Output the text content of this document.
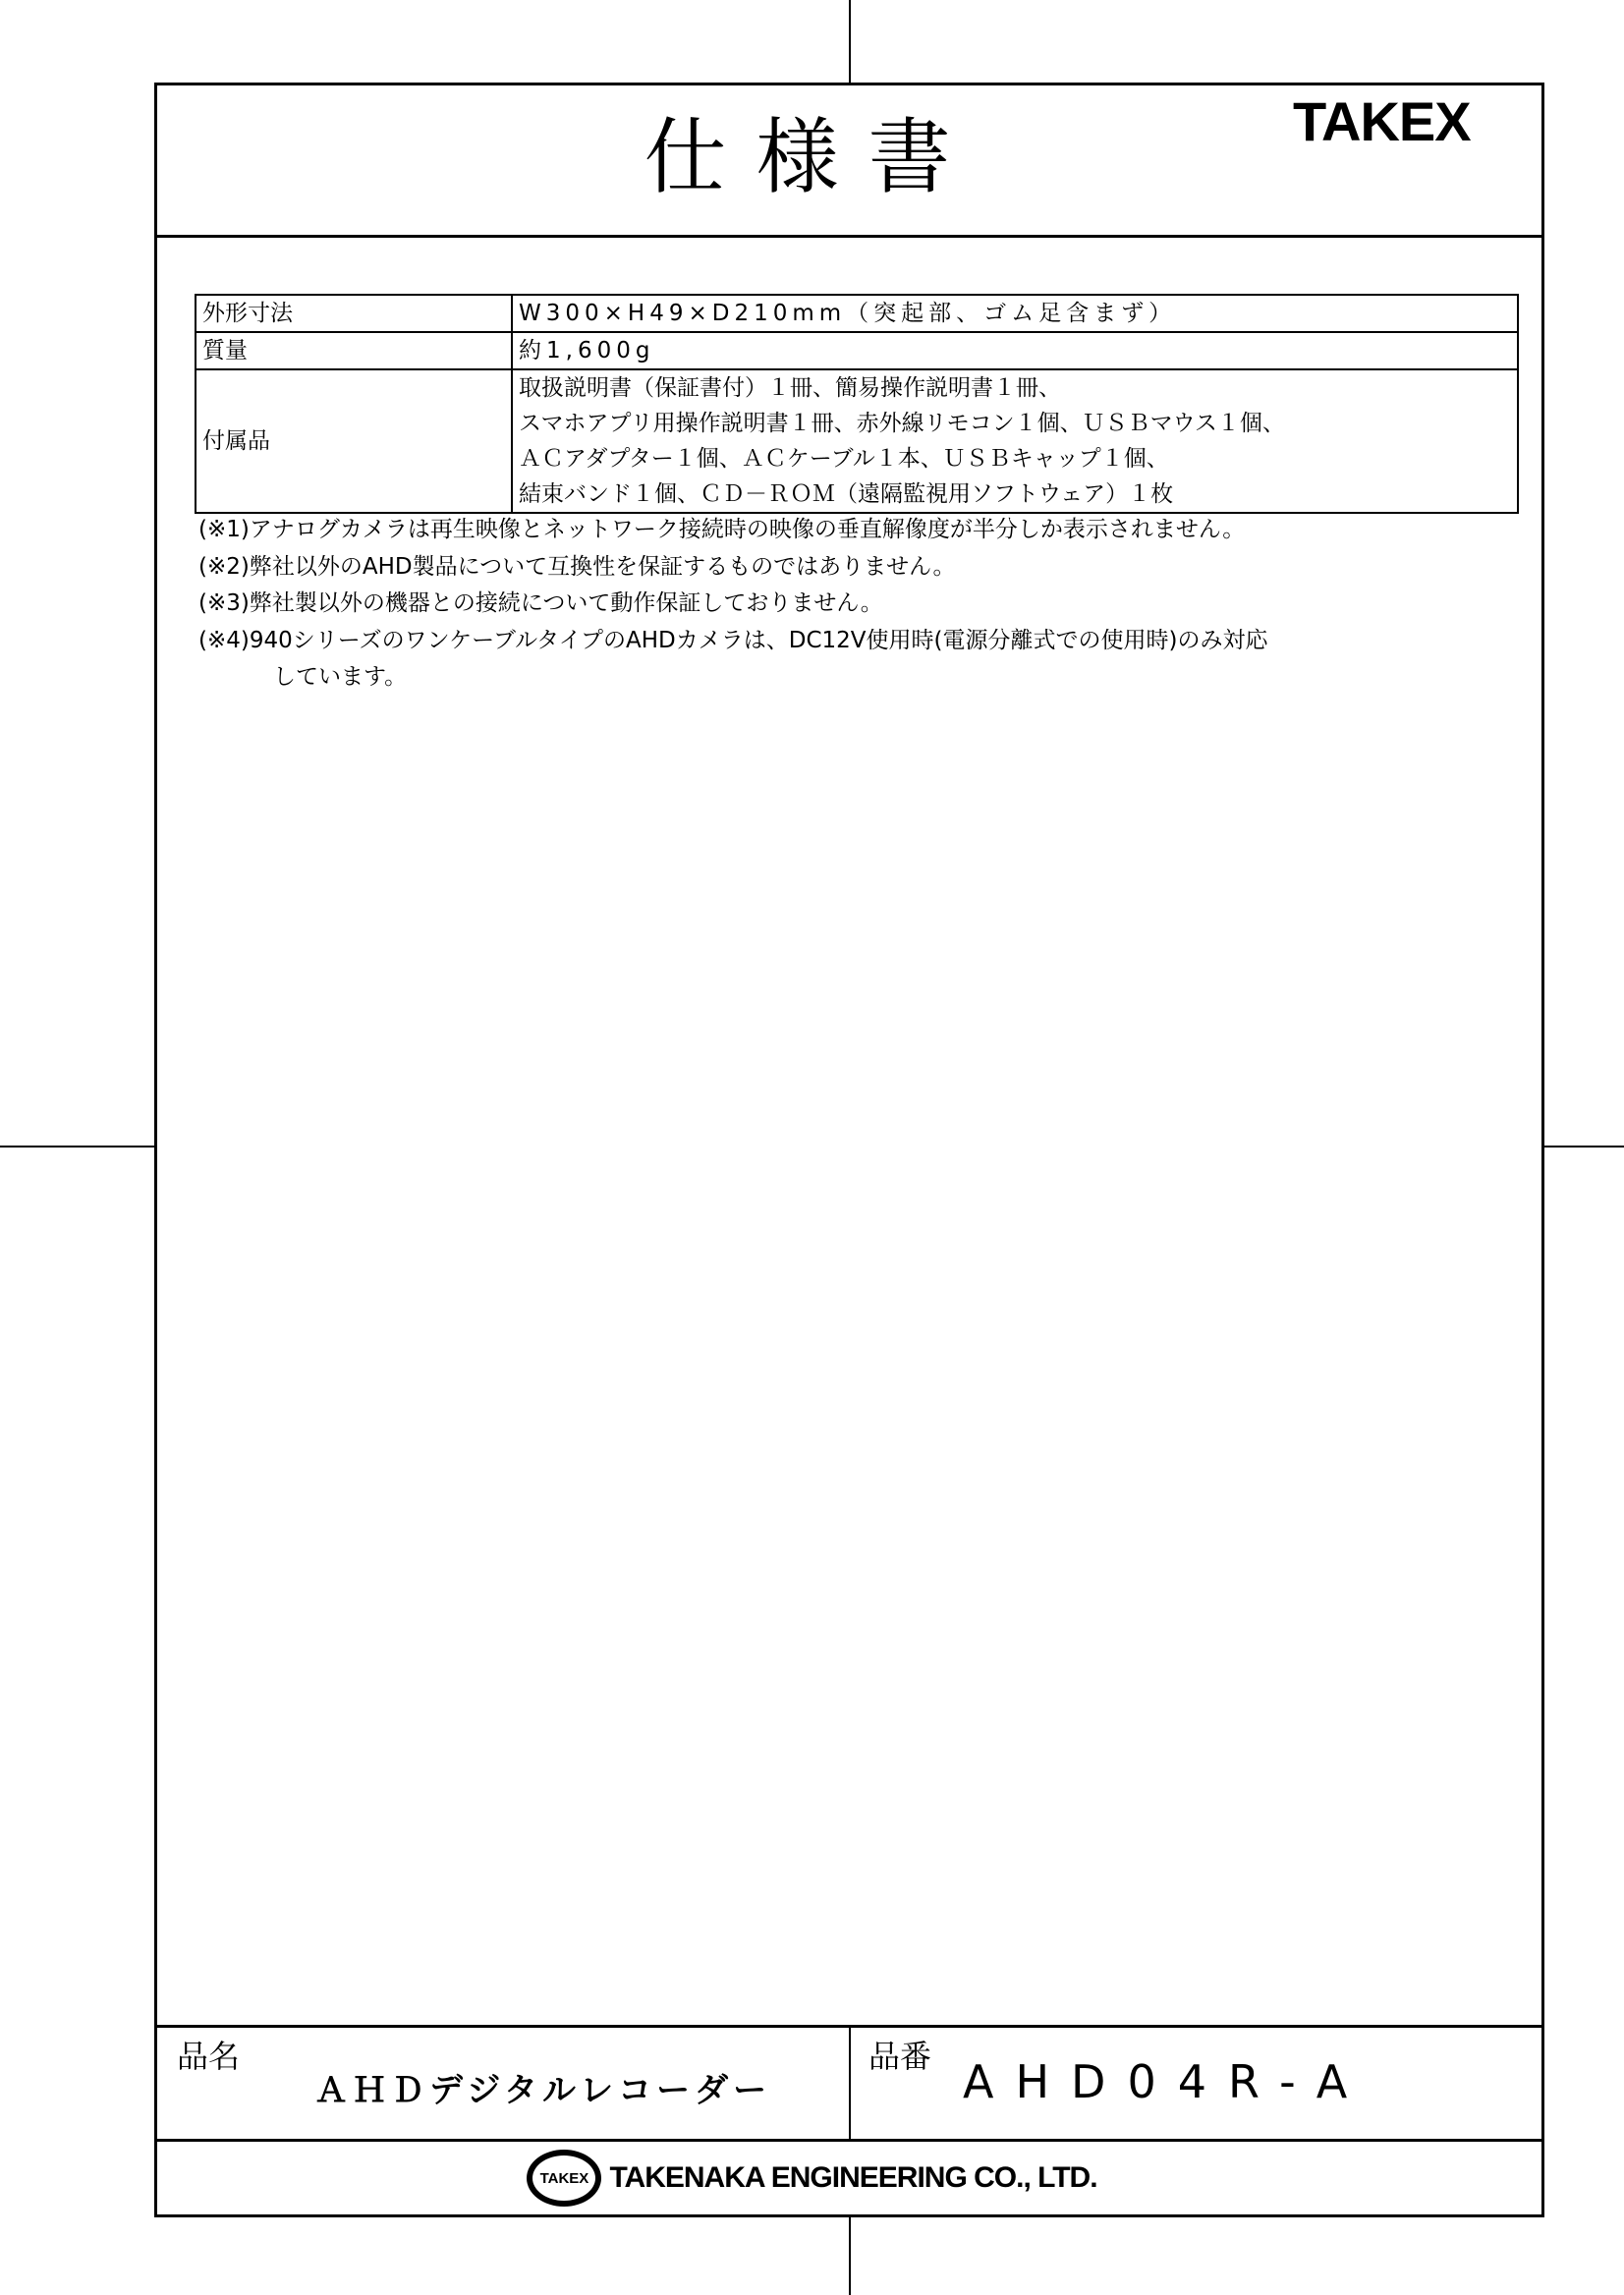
仕様書	TAKEX
外形寸法	W300×H49×D210mm（突起部、ゴム足含まず）
質量	約1,600g
付属品	取扱説明書（保証書付）１冊、簡易操作説明書１冊、
スマホアプリ用操作説明書１冊、赤外線リモコン１個、ＵＳＢマウス１個、
ＡＣアダプター１個、ＡＣケーブル１本、ＵＳＢキャップ１個、
結束バンド１個、ＣＤ－ＲＯＭ（遠隔監視用ソフトウェア）１枚
(※1)アナログカメラは再生映像とネットワーク接続時の映像の垂直解像度が半分しか表示されません。
(※2)弊社以外のAHD製品について互換性を保証するものではありません。
(※3)弊社製以外の機器との接続について動作保証しておりません。
(※4)940シリーズのワンケーブルタイプのAHDカメラは、DC12V使用時(電源分離式での使用時)のみ対応
しています。
品名
ＡＨＤデジタルレコーダー
品番 AHD04R-A
TAKEX TAKENAKA ENGINEERING CO., LTD.
